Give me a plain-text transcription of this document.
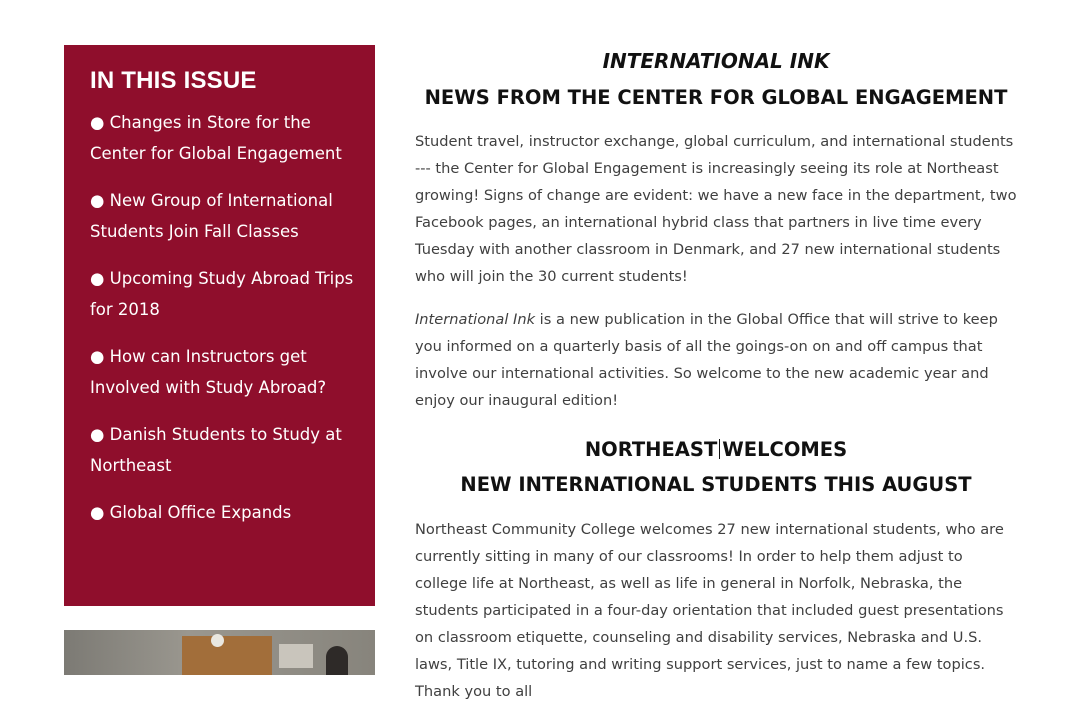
IN THIS ISSUE
● Changes in Store for the Center for Global Engagement
● New Group of International Students Join Fall Classes
● Upcoming Study Abroad Trips for 2018
● How can Instructors get Involved with Study Abroad?
● Danish Students to Study at Northeast
● Global Office Expands
INTERNATIONAL INK
NEWS FROM THE CENTER FOR GLOBAL ENGAGEMENT

Student travel, instructor exchange, global curriculum, and international students --- the Center for Global Engagement is increasingly seeing its role at Northeast growing! Signs of change are evident: we have a new face in the department, two Facebook pages, an international hybrid class that partners in live time every Tuesday with another classroom in Denmark, and 27 new international students who will join the 30 current students!

International Ink is a new publication in the Global Office that will strive to keep you informed on a quarterly basis of all the goings-on on and off campus that involve our international activities. So welcome to the new academic year and enjoy our inaugural edition!

NORTHEAST WELCOMES
NEW INTERNATIONAL STUDENTS THIS AUGUST

Northeast Community College welcomes 27 new international students, who are currently sitting in many of our classrooms! In order to help them adjust to college life at Northeast, as well as life in general in Norfolk, Nebraska, the students participated in a four-day orientation that included guest presentations on classroom etiquette, counseling and disability services, Nebraska and U.S. laws, Title IX, tutoring and writing support services, just to name a few topics. Thank you to all
